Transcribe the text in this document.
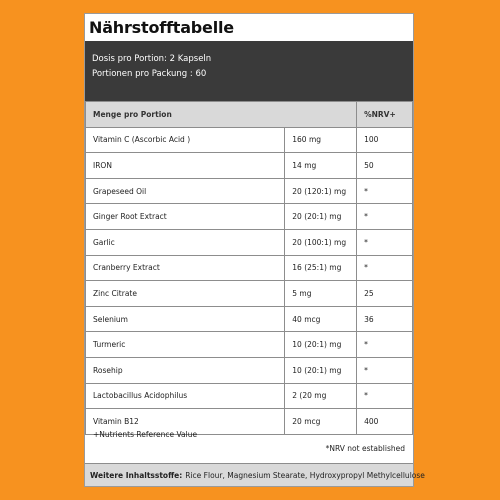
Nährstofftabelle
Dosis pro Portion: 2 Kapseln
Portionen pro Packung : 60
Menge pro Portion		%NRV+
Vitamin C (Ascorbic Acid )	160 mg	100
IRON	14 mg	50
Grapeseed Oil	20 (120:1) mg	*
Ginger Root Extract	20 (20:1) mg	*
Garlic	20 (100:1) mg	*
Cranberry Extract	16 (25:1) mg	*
Zinc Citrate	5 mg	25
Selenium	40 mcg	36
Turmeric	10 (20:1) mg	*
Rosehip	10 (20:1) mg	*
Lactobacillus Acidophilus	2 (20 mg	*
Vitamin B12	20 mcg	400
+Nutrients Reference Value
*NRV not established
Weitere Inhaltsstoffe: Rice Flour, Magnesium Stearate, Hydroxypropyl Methylcellulose
